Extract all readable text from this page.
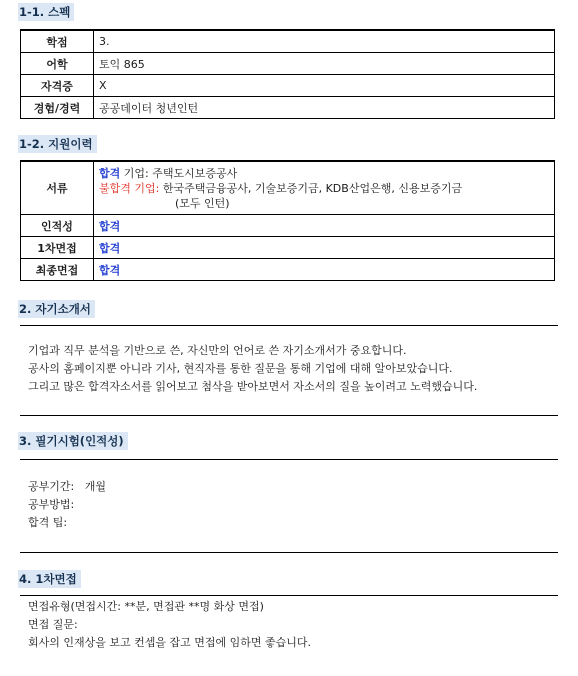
1-1. 스펙
학점	3.
어학	토익 865
자격증	X
경험/경력	공공데이터 청년인턴
1-2. 지원이력
서류	합격 기업: 주택도시보증공사
불합격 기업: 한국주택금융공사, 기술보증기금, KDB산업은행, 신용보증기금
(모두 인턴)

인적성	합격
1차면접	합격
최종면접	합격
2. 자기소개서
기업과 직무 분석을 기반으로 쓴, 자신만의 언어로 쓴 자기소개서가 중요합니다.
공사의 홈페이지뿐 아니라 기사, 현직자를 통한 질문을 통해 기업에 대해 알아보았습니다.
그리고 많은 합격자소서를 읽어보고 첨삭을 받아보면서 자소서의 질을 높이려고 노력했습니다.
3. 필기시험(인적성)
공부기간:   개월
공부방법:
합격 팁:
4. 1차면접
면접유형(면접시간: **분, 면접관 **명 화상 면접)
면접 질문:
회사의 인재상을 보고 컨셉을 잡고 면접에 임하면 좋습니다.
